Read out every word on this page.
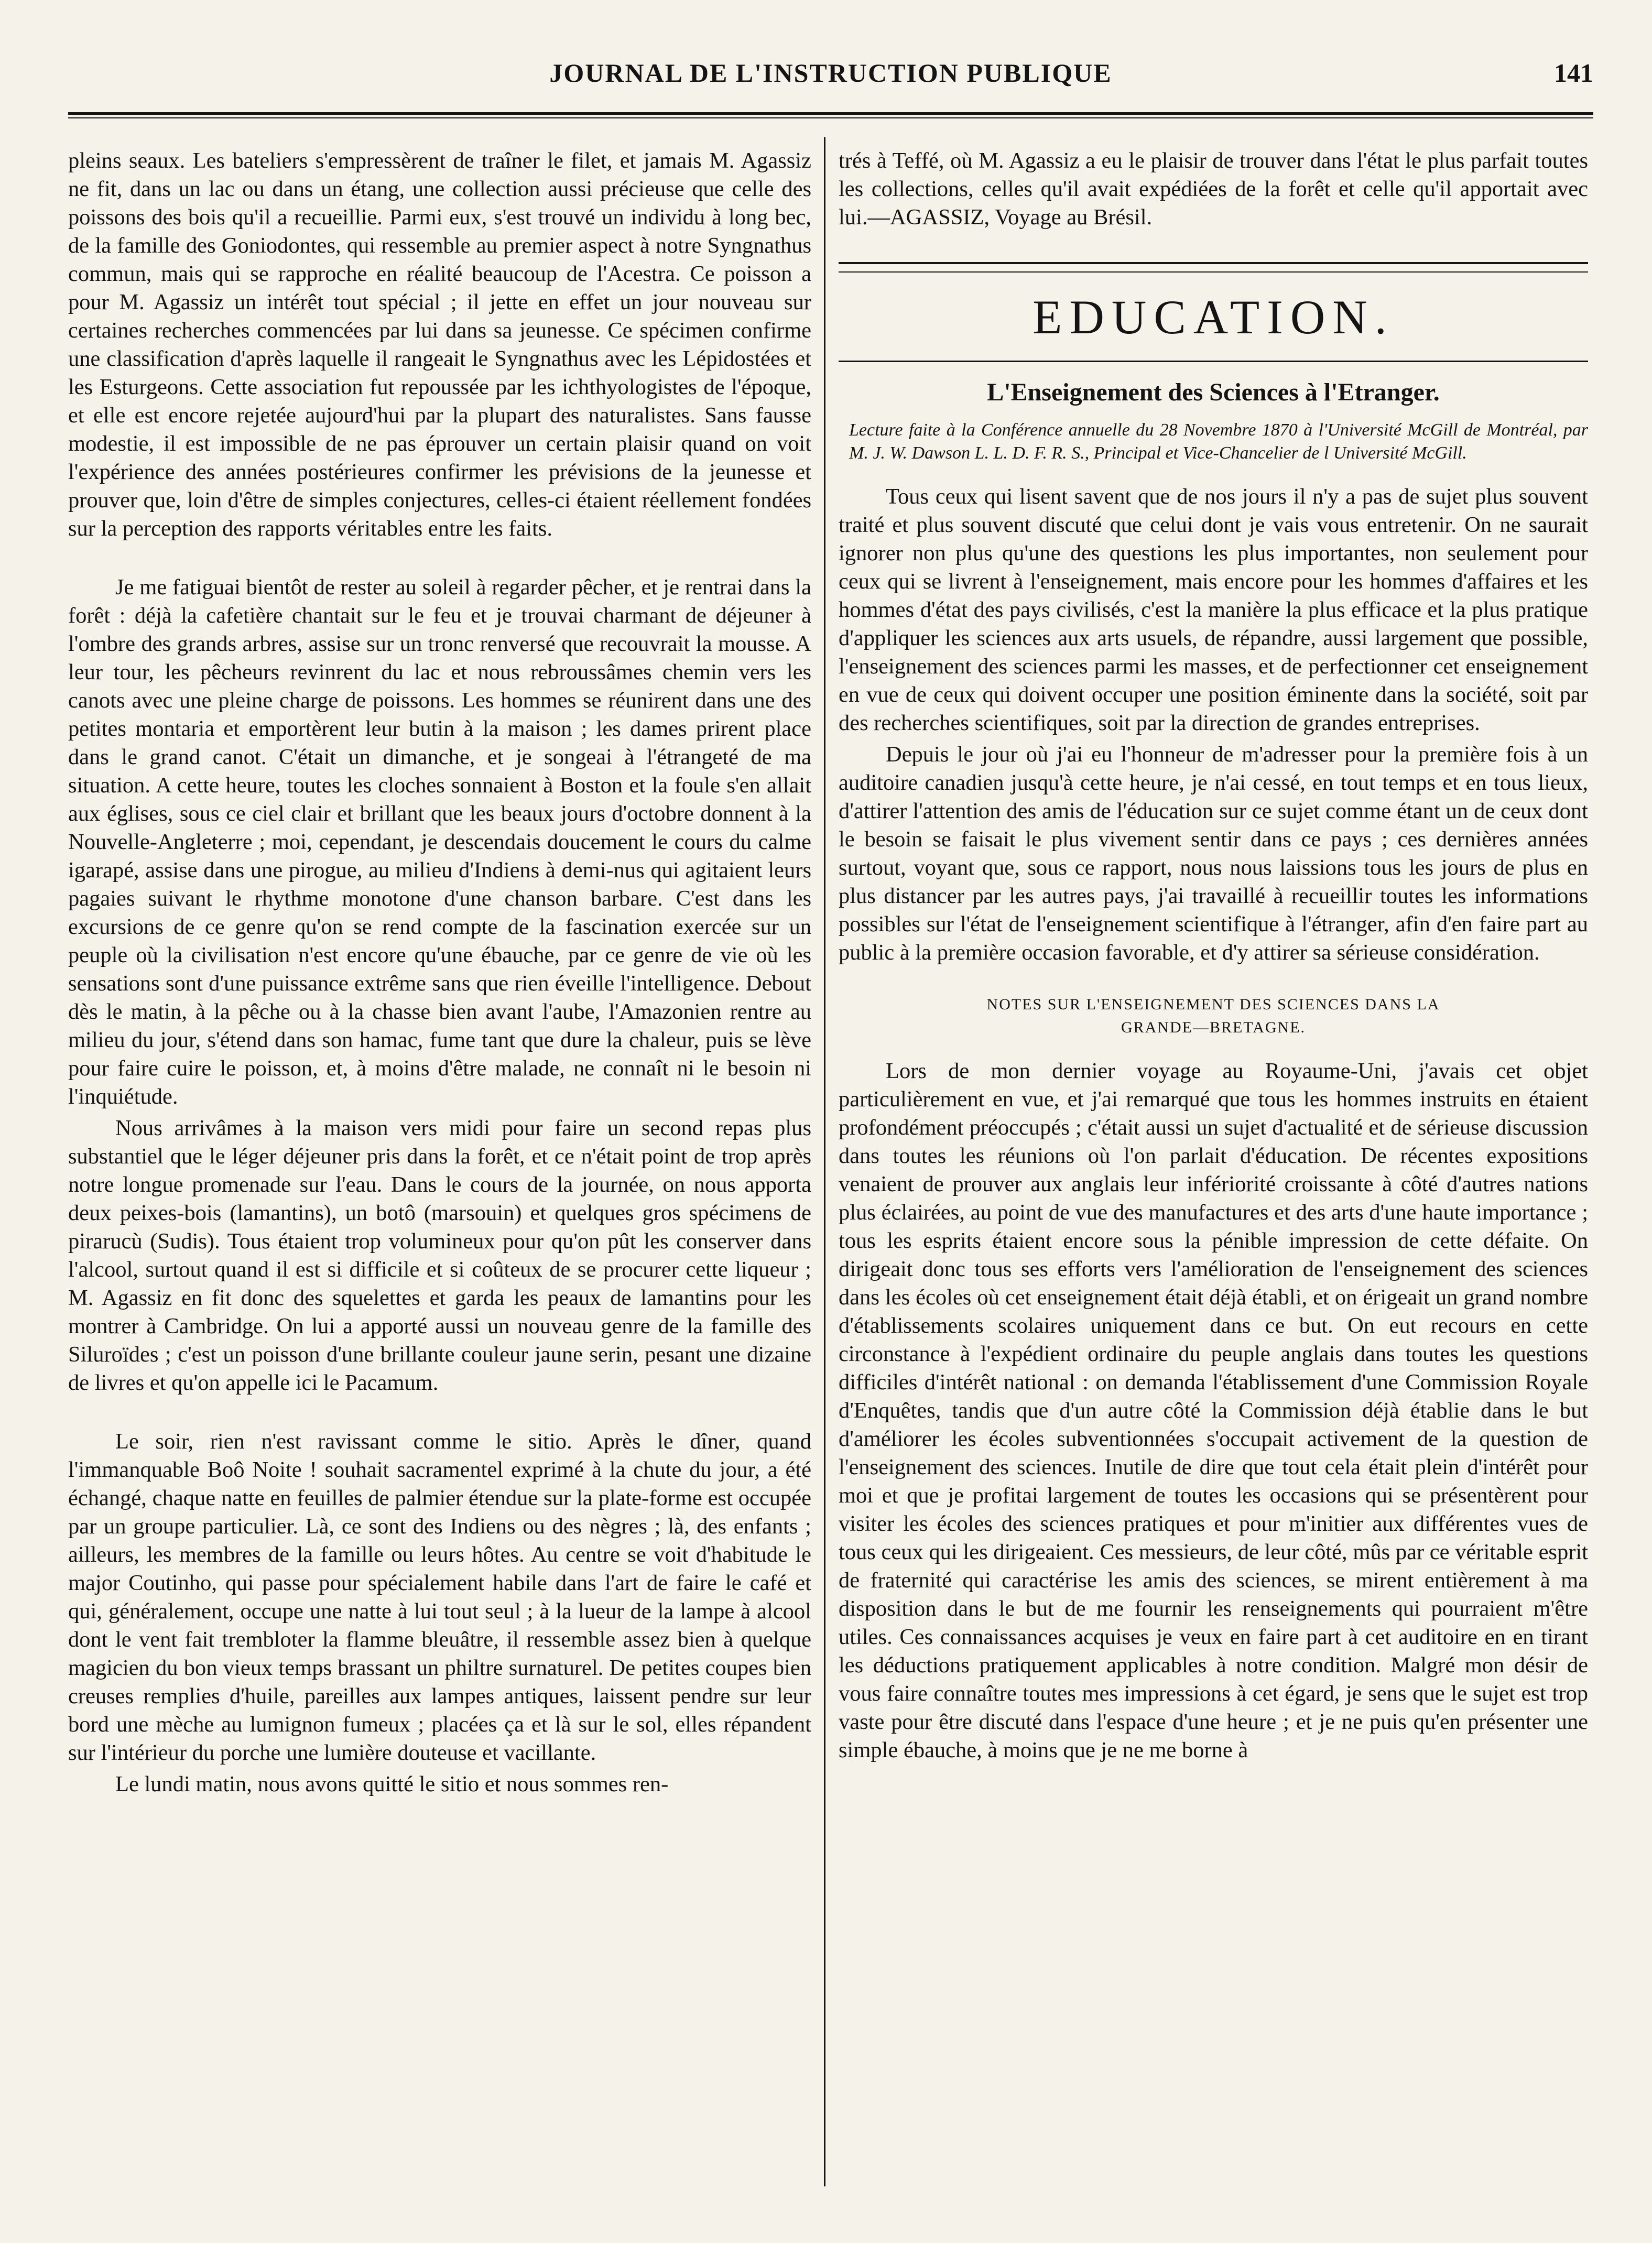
JOURNAL DE L'INSTRUCTION PUBLIQUE	141

pleins seaux. Les bateliers s'empressèrent de traîner le filet, et jamais M. Agassiz ne fit, dans un lac ou dans un étang, une collection aussi précieuse que celle des poissons des bois qu'il a recueillie. Parmi eux, s'est trouvé un individu à long bec, de la famille des Goniodontes, qui ressemble au premier aspect à notre Syngnathus commun, mais qui se rapproche en réalité beaucoup de l'Acestra. Ce poisson a pour M. Agassiz un intérêt tout spécial ; il jette en effet un jour nouveau sur certaines recherches commencées par lui dans sa jeunesse. Ce spécimen confirme une classification d'après laquelle il rangeait le Syngnathus avec les Lépidostées et les Esturgeons. Cette association fut repoussée par les ichthyologistes de l'époque, et elle est encore rejetée aujourd'hui par la plupart des naturalistes. Sans fausse modestie, il est impossible de ne pas éprouver un certain plaisir quand on voit l'expérience des années postérieures confirmer les prévisions de la jeunesse et prouver que, loin d'être de simples conjectures, celles-ci étaient réellement fondées sur la perception des rapports véritables entre les faits.

Je me fatiguai bientôt de rester au soleil à regarder pêcher, et je rentrai dans la forêt : déjà la cafetière chantait sur le feu et je trouvai charmant de déjeuner à l'ombre des grands arbres, assise sur un tronc renversé que recouvrait la mousse. A leur tour, les pêcheurs revinrent du lac et nous rebroussâmes chemin vers les canots avec une pleine charge de poissons. Les hommes se réunirent dans une des petites montaria et emportèrent leur butin à la maison ; les dames prirent place dans le grand canot. C'était un dimanche, et je songeai à l'étrangeté de ma situation. A cette heure, toutes les cloches sonnaient à Boston et la foule s'en allait aux églises, sous ce ciel clair et brillant que les beaux jours d'octobre donnent à la Nouvelle-Angleterre ; moi, cependant, je descendais doucement le cours du calme igarapé, assise dans une pirogue, au milieu d'Indiens à demi-nus qui agitaient leurs pagaies suivant le rhythme monotone d'une chanson barbare. C'est dans les excursions de ce genre qu'on se rend compte de la fascination exercée sur un peuple où la civilisation n'est encore qu'une ébauche, par ce genre de vie où les sensations sont d'une puissance extrême sans que rien éveille l'intelligence. Debout dès le matin, à la pêche ou à la chasse bien avant l'aube, l'Amazonien rentre au milieu du jour, s'étend dans son hamac, fume tant que dure la chaleur, puis se lève pour faire cuire le poisson, et, à moins d'être malade, ne connaît ni le besoin ni l'inquiétude.

Nous arrivâmes à la maison vers midi pour faire un second repas plus substantiel que le léger déjeuner pris dans la forêt, et ce n'était point de trop après notre longue promenade sur l'eau. Dans le cours de la journée, on nous apporta deux peixes-bois (lamantins), un botô (marsouin) et quelques gros spécimens de pirarucù (Sudis). Tous étaient trop volumineux pour qu'on pût les conserver dans l'alcool, surtout quand il est si difficile et si coûteux de se procurer cette liqueur ; M. Agassiz en fit donc des squelettes et garda les peaux de lamantins pour les montrer à Cambridge. On lui a apporté aussi un nouveau genre de la famille des Siluroïdes ; c'est un poisson d'une brillante couleur jaune serin, pesant une dizaine de livres et qu'on appelle ici le Pacamum.

Le soir, rien n'est ravissant comme le sitio. Après le dîner, quand l'immanquable Boô Noite ! souhait sacramentel exprimé à la chute du jour, a été échangé, chaque natte en feuilles de palmier étendue sur la plate-forme est occupée par un groupe particulier. Là, ce sont des Indiens ou des nègres ; là, des enfants ; ailleurs, les membres de la famille ou leurs hôtes. Au centre se voit d'habitude le major Coutinho, qui passe pour spécialement habile dans l'art de faire le café et qui, généralement, occupe une natte à lui tout seul ; à la lueur de la lampe à alcool dont le vent fait trembloter la flamme bleuâtre, il ressemble assez bien à quelque magicien du bon vieux temps brassant un philtre surnaturel. De petites coupes bien creuses remplies d'huile, pareilles aux lampes antiques, laissent pendre sur leur bord une mèche au lumignon fumeux ; placées ça et là sur le sol, elles répandent sur l'intérieur du porche une lumière douteuse et vacillante.

Le lundi matin, nous avons quitté le sitio et nous sommes ren-

trés à Teffé, où M. Agassiz a eu le plaisir de trouver dans l'état le plus parfait toutes les collections, celles qu'il avait expédiées de la forêt et celle qu'il apportait avec lui.—AGASSIZ, Voyage au Brésil.

EDUCATION.
L'Enseignement des Sciences à l'Etranger.

Lecture faite à la Conférence annuelle du 28 Novembre 1870 à l'Université McGill de Montréal, par M. J. W. Dawson L. L. D. F. R. S., Principal et Vice-Chancelier de l Université McGill.

Tous ceux qui lisent savent que de nos jours il n'y a pas de sujet plus souvent traité et plus souvent discuté que celui dont je vais vous entretenir. On ne saurait ignorer non plus qu'une des questions les plus importantes, non seulement pour ceux qui se livrent à l'enseignement, mais encore pour les hommes d'affaires et les hommes d'état des pays civilisés, c'est la manière la plus efficace et la plus pratique d'appliquer les sciences aux arts usuels, de répandre, aussi largement que possible, l'enseignement des sciences parmi les masses, et de perfectionner cet enseignement en vue de ceux qui doivent occuper une position éminente dans la société, soit par des recherches scientifiques, soit par la direction de grandes entreprises.

Depuis le jour où j'ai eu l'honneur de m'adresser pour la première fois à un auditoire canadien jusqu'à cette heure, je n'ai cessé, en tout temps et en tous lieux, d'attirer l'attention des amis de l'éducation sur ce sujet comme étant un de ceux dont le besoin se faisait le plus vivement sentir dans ce pays ; ces dernières années surtout, voyant que, sous ce rapport, nous nous laissions tous les jours de plus en plus distancer par les autres pays, j'ai travaillé à recueillir toutes les informations possibles sur l'état de l'enseignement scientifique à l'étranger, afin d'en faire part au public à la première occasion favorable, et d'y attirer sa sérieuse considération.

NOTES SUR L'ENSEIGNEMENT DES SCIENCES DANS LA

GRANDE—BRETAGNE.

Lors de mon dernier voyage au Royaume-Uni, j'avais cet objet particulièrement en vue, et j'ai remarqué que tous les hommes instruits en étaient profondément préoccupés ; c'était aussi un sujet d'actualité et de sérieuse discussion dans toutes les réunions où l'on parlait d'éducation. De récentes expositions venaient de prouver aux anglais leur infériorité croissante à côté d'autres nations plus éclairées, au point de vue des manufactures et des arts d'une haute importance ; tous les esprits étaient encore sous la pénible impression de cette défaite. On dirigeait donc tous ses efforts vers l'amélioration de l'enseignement des sciences dans les écoles où cet enseignement était déjà établi, et on érigeait un grand nombre d'établissements scolaires uniquement dans ce but. On eut recours en cette circonstance à l'expédient ordinaire du peuple anglais dans toutes les questions difficiles d'intérêt national : on demanda l'établissement d'une Commission Royale d'Enquêtes, tandis que d'un autre côté la Commission déjà établie dans le but d'améliorer les écoles subventionnées s'occupait activement de la question de l'enseignement des sciences. Inutile de dire que tout cela était plein d'intérêt pour moi et que je profitai largement de toutes les occasions qui se présentèrent pour visiter les écoles des sciences pratiques et pour m'initier aux différentes vues de tous ceux qui les dirigeaient. Ces messieurs, de leur côté, mûs par ce véritable esprit de fraternité qui caractérise les amis des sciences, se mirent entièrement à ma disposition dans le but de me fournir les renseignements qui pourraient m'être utiles. Ces connaissances acquises je veux en faire part à cet auditoire en en tirant les déductions pratiquement applicables à notre condition. Malgré mon désir de vous faire connaître toutes mes impressions à cet égard, je sens que le sujet est trop vaste pour être discuté dans l'espace d'une heure ; et je ne puis qu'en présenter une simple ébauche, à moins que je ne me borne à
